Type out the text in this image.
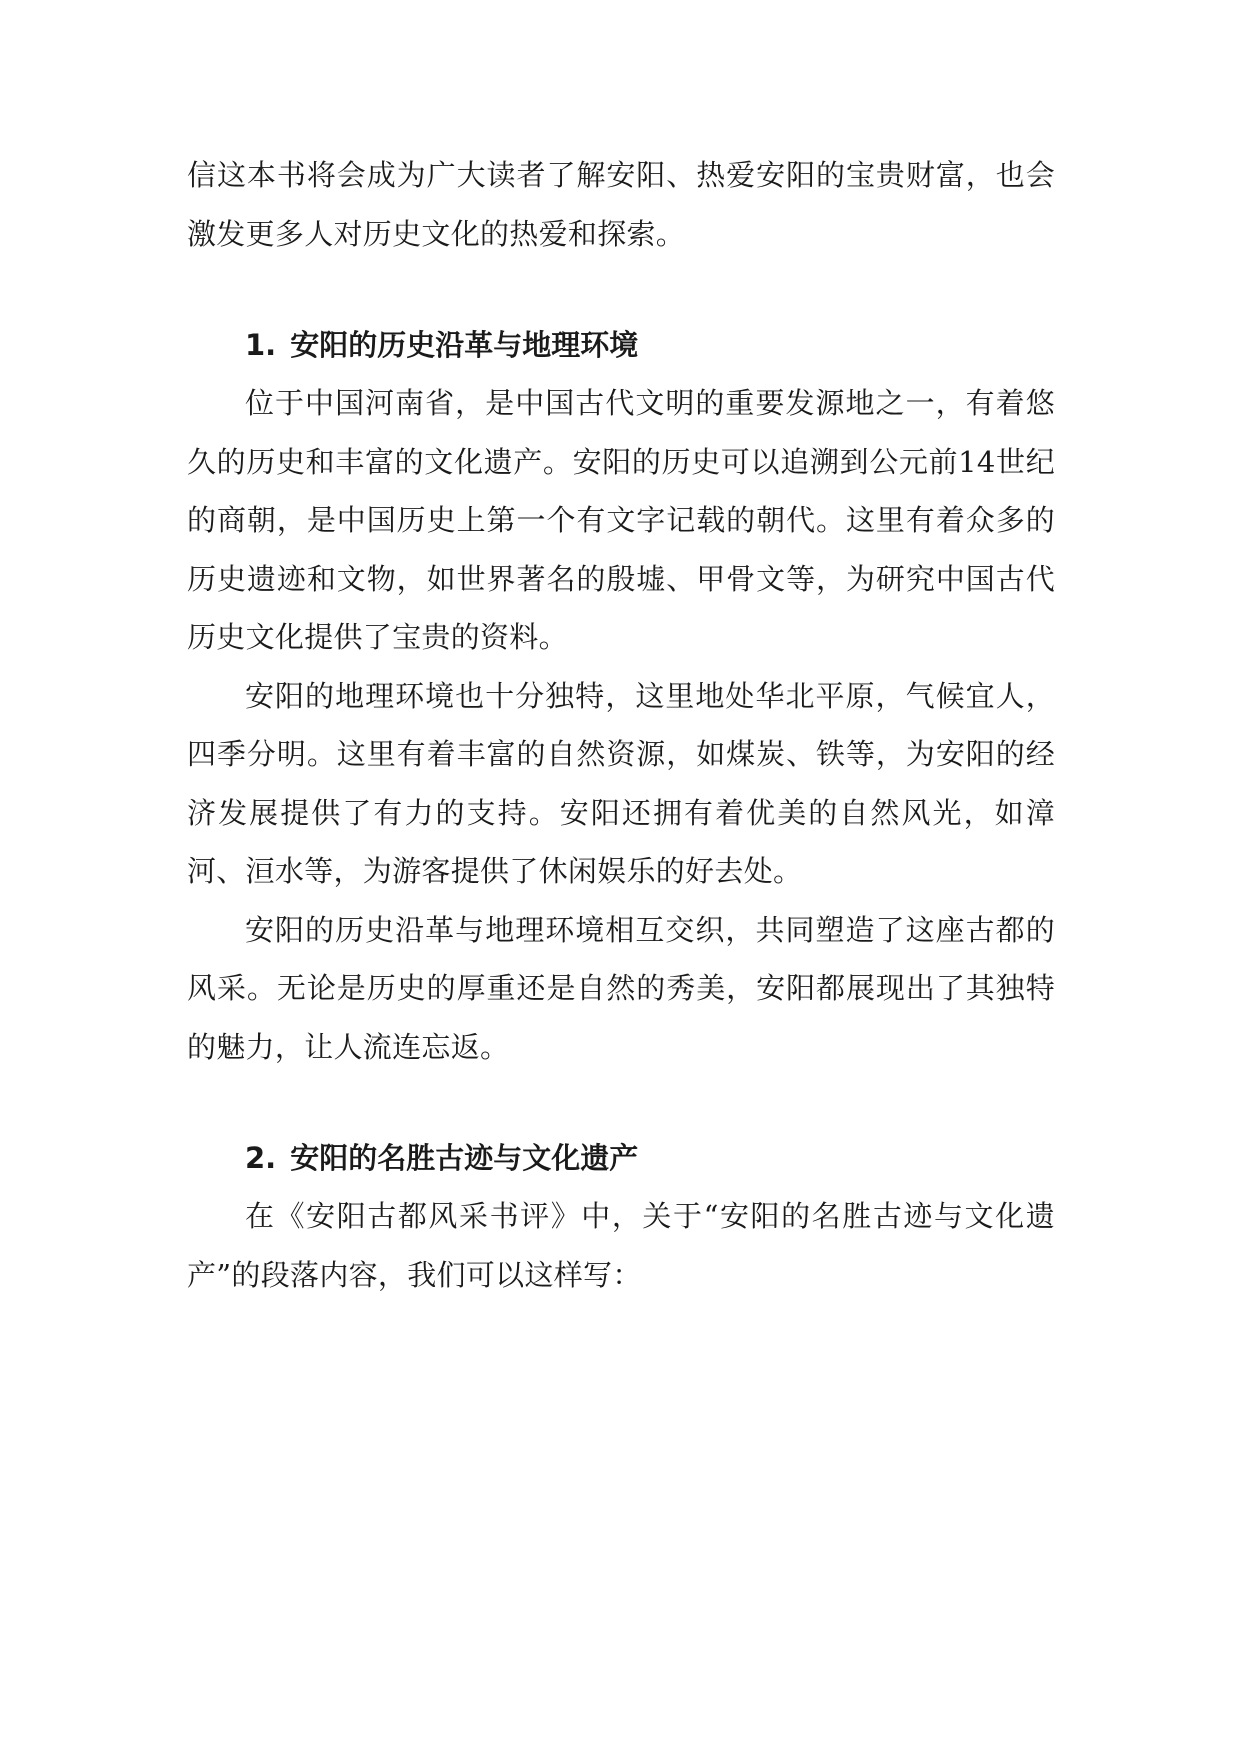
信这本书将会成为广大读者了解安阳、热爱安阳的宝贵财富，也会激发更多人对历史文化的热爱和探索。

1. 安阳的历史沿革与地理环境

位于中国河南省，是中国古代文明的重要发源地之一，有着悠久的历史和丰富的文化遗产。安阳的历史可以追溯到公元前14世纪的商朝，是中国历史上第一个有文字记载的朝代。这里有着众多的历史遗迹和文物，如世界著名的殷墟、甲骨文等，为研究中国古代历史文化提供了宝贵的资料。

安阳的地理环境也十分独特，这里地处华北平原，气候宜人，四季分明。这里有着丰富的自然资源，如煤炭、铁等，为安阳的经济发展提供了有力的支持。安阳还拥有着优美的自然风光，如漳河、洹水等，为游客提供了休闲娱乐的好去处。

安阳的历史沿革与地理环境相互交织，共同塑造了这座古都的风采。无论是历史的厚重还是自然的秀美，安阳都展现出了其独特的魅力，让人流连忘返。

2. 安阳的名胜古迹与文化遗产

在《安阳古都风采书评》中，关于“安阳的名胜古迹与文化遗产”的段落内容，我们可以这样写：
